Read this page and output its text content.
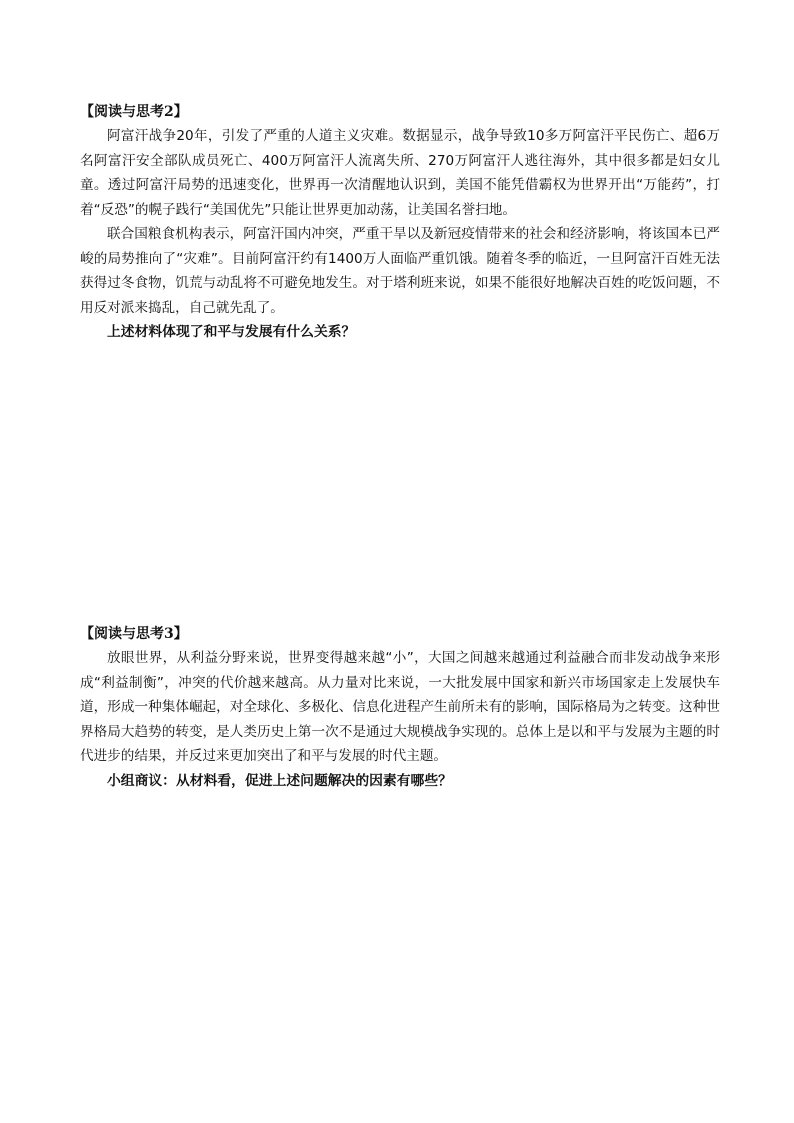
【阅读与思考2】

阿富汗战争20年，引发了严重的人道主义灾难。数据显示，战争导致10多万阿富汗平民伤亡、超6万名阿富汗安全部队成员死亡、400万阿富汗人流离失所、270万阿富汗人逃往海外，其中很多都是妇女儿童。透过阿富汗局势的迅速变化，世界再一次清醒地认识到，美国不能凭借霸权为世界开出“万能药”，打着“反恐”的幌子践行“美国优先”只能让世界更加动荡，让美国名誉扫地。

联合国粮食机构表示，阿富汗国内冲突，严重干旱以及新冠疫情带来的社会和经济影响，将该国本已严峻的局势推向了“灾难”。目前阿富汗约有1400万人面临严重饥饿。随着冬季的临近，一旦阿富汗百姓无法获得过冬食物，饥荒与动乱将不可避免地发生。对于塔利班来说，如果不能很好地解决百姓的吃饭问题，不用反对派来捣乱，自己就先乱了。

上述材料体现了和平与发展有什么关系？

【阅读与思考3】

放眼世界，从利益分野来说，世界变得越来越“小”，大国之间越来越通过利益融合而非发动战争来形成“利益制衡”，冲突的代价越来越高。从力量对比来说，一大批发展中国家和新兴市场国家走上发展快车道，形成一种集体崛起，对全球化、多极化、信息化进程产生前所未有的影响，国际格局为之转变。这种世界格局大趋势的转变，是人类历史上第一次不是通过大规模战争实现的。总体上是以和平与发展为主题的时代进步的结果，并反过来更加突出了和平与发展的时代主题。

小组商议：从材料看，促进上述问题解决的因素有哪些？
